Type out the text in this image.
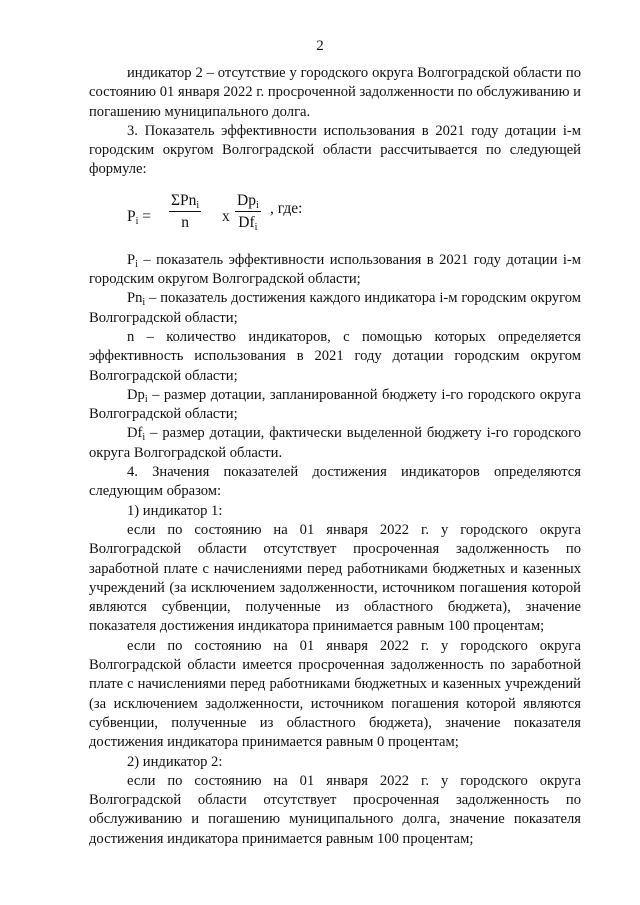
2

индикатор 2 – отсутствие у городского округа Волгоградской области по состоянию 01 января 2022 г. просроченной задолженности по обслуживанию и погашению муниципального долга.

3. Показатель эффективности использования в 2021 году дотации i-м городским округом Волгоградской области рассчитывается по следующей формуле:

$P_i$ =
ΣPn$_i$
n	x
$Dp_i$
$Df_i$
, где:

$P_i$ – показатель эффективности использования в 2021 году дотации i-м городским округом Волгоградской области;

$Pn_i$ – показатель достижения каждого индикатора i-м городским округом Волгоградской области;

n – количество индикаторов, с помощью которых определяется эффективность использования в 2021 году дотации городским округом Волгоградской области;

$Dp_i$ – размер дотации, запланированной бюджету i-го городского округа Волгоградской области;

$Df_i$ – размер дотации, фактически выделенной бюджету i-го городского округа Волгоградской области.

4. Значения показателей достижения индикаторов определяются следующим образом:

1) индикатор 1:

если по состоянию на 01 января 2022 г. у городского округа Волгоградской области отсутствует просроченная задолженность по заработной плате с начислениями перед работниками бюджетных и казенных учреждений (за исключением задолженности, источником погашения которой являются субвенции, полученные из областного бюджета), значение показателя достижения индикатора принимается равным 100 процентам;

если по состоянию на 01 января 2022 г. у городского округа Волгоградской области имеется просроченная задолженность по заработной плате с начислениями перед работниками бюджетных и казенных учреждений (за исключением задолженности, источником погашения которой являются субвенции, полученные из областного бюджета), значение показателя достижения индикатора принимается равным 0 процентам;

2) индикатор 2:

если по состоянию на 01 января 2022 г. у городского округа Волгоградской области отсутствует просроченная задолженность по обслуживанию и погашению муниципального долга, значение показателя достижения индикатора принимается равным 100 процентам;
